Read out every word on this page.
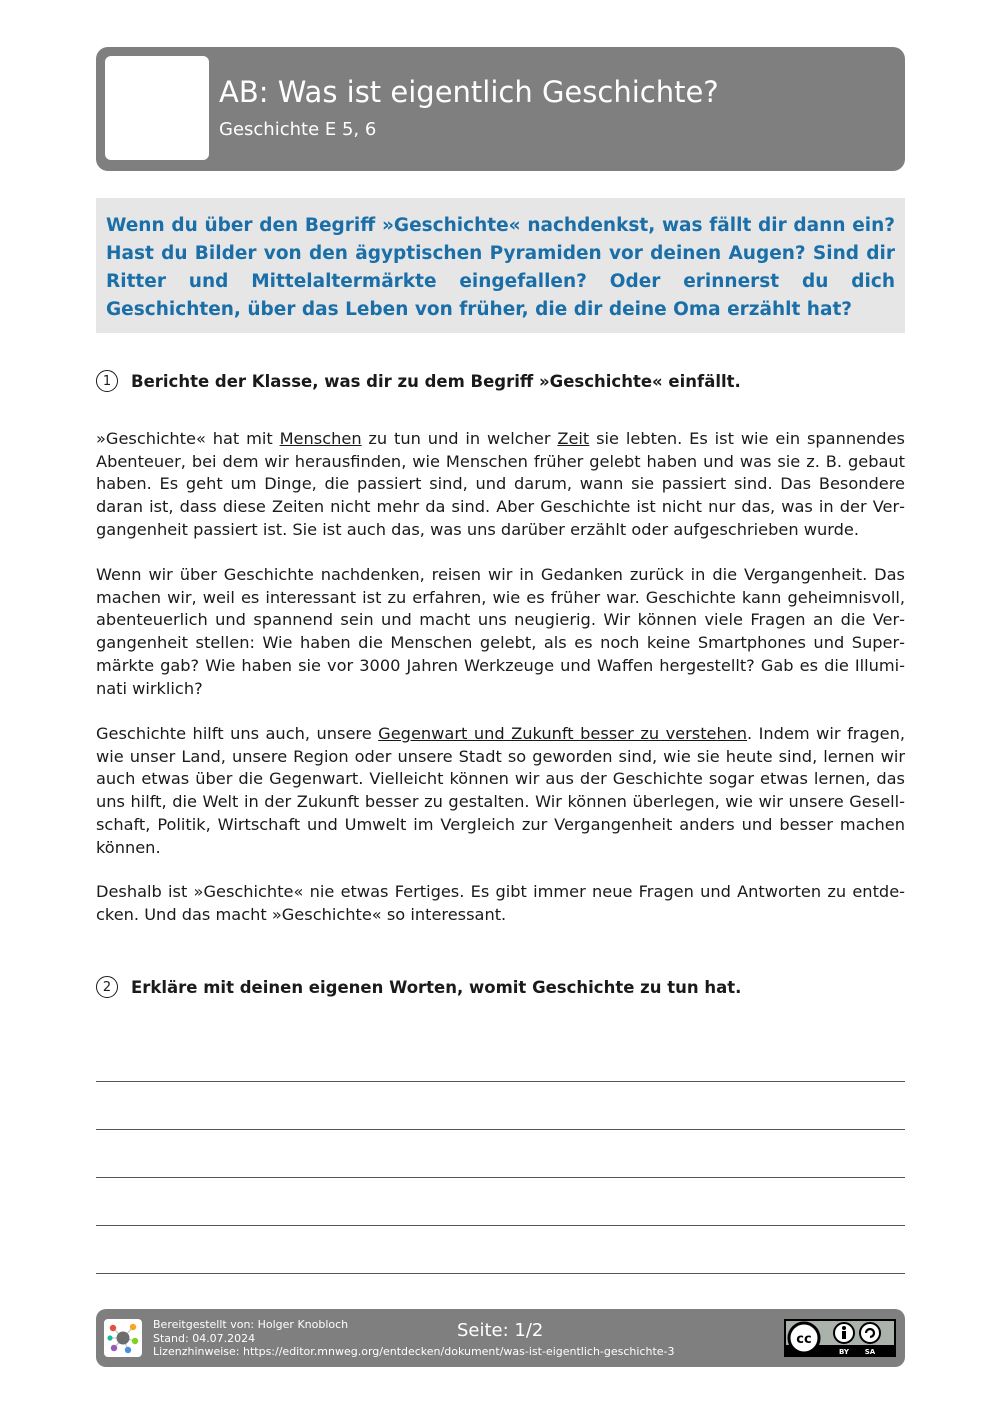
AB: Was ist eigentlich Geschichte?
Geschichte E 5, 6
Wenn du über den Begriff »Geschichte« nachdenkst, was fällt dir dann ein? Hast du Bilder von den ägyptischen Pyramiden vor deinen Augen? Sind dir Ritter und Mittelaltermärkte eingefallen? Oder erinnerst du dich Geschichten, über das Leben von früher, die dir deine Oma erzählt hat?
1	Berichte der Klasse, was dir zu dem Begriff »Geschichte« einfällt.

»Geschichte« hat mit Menschen zu tun und in welcher Zeit sie lebten. Es ist wie ein spannendes Abenteuer, bei dem wir herausfinden, wie Menschen früher gelebt haben und was sie z. B. gebaut haben. Es geht um Dinge, die passiert sind, und darum, wann sie passiert sind. Das Besondere daran ist, dass diese Zeiten nicht mehr da sind. Aber Geschichte ist nicht nur das, was in der Vergangenheit passiert ist. Sie ist auch das, was uns darüber erzählt oder aufgeschrieben wurde.

Wenn wir über Geschichte nachdenken, reisen wir in Gedanken zurück in die Vergangenheit. Das machen wir, weil es interessant ist zu erfahren, wie es früher war. Geschichte kann geheimnisvoll, abenteuerlich und spannend sein und macht uns neugierig. Wir können viele Fragen an die Vergangenheit stellen: Wie haben die Menschen gelebt, als es noch keine Smartphones und Supermärkte gab? Wie haben sie vor 3000 Jahren Werkzeuge und Waffen hergestellt? Gab es die Illuminati wirklich?

Geschichte hilft uns auch, unsere Gegenwart und Zukunft besser zu verstehen. Indem wir fragen, wie unser Land, unsere Region oder unsere Stadt so geworden sind, wie sie heute sind, lernen wir auch etwas über die Gegenwart. Vielleicht können wir aus der Geschichte sogar etwas lernen, das uns hilft, die Welt in der Zukunft besser zu gestalten. Wir können überlegen, wie wir unsere Gesellschaft, Politik, Wirtschaft und Umwelt im Vergleich zur Vergangenheit anders und besser machen können.

Deshalb ist »Geschichte« nie etwas Fertiges. Es gibt immer neue Fragen und Antworten zu entdecken. Und das macht »Geschichte« so interessant.

2	Erkläre mit deinen eigenen Worten, womit Geschichte zu tun hat.
Bereitgestellt von: Holger Knobloch
Stand: 04.07.2024
Lizenzhinweise: https://editor.mnweg.org/entdecken/dokument/was-ist-eigentlich-geschichte-3
Seite: 1/2	cc
BY SA
